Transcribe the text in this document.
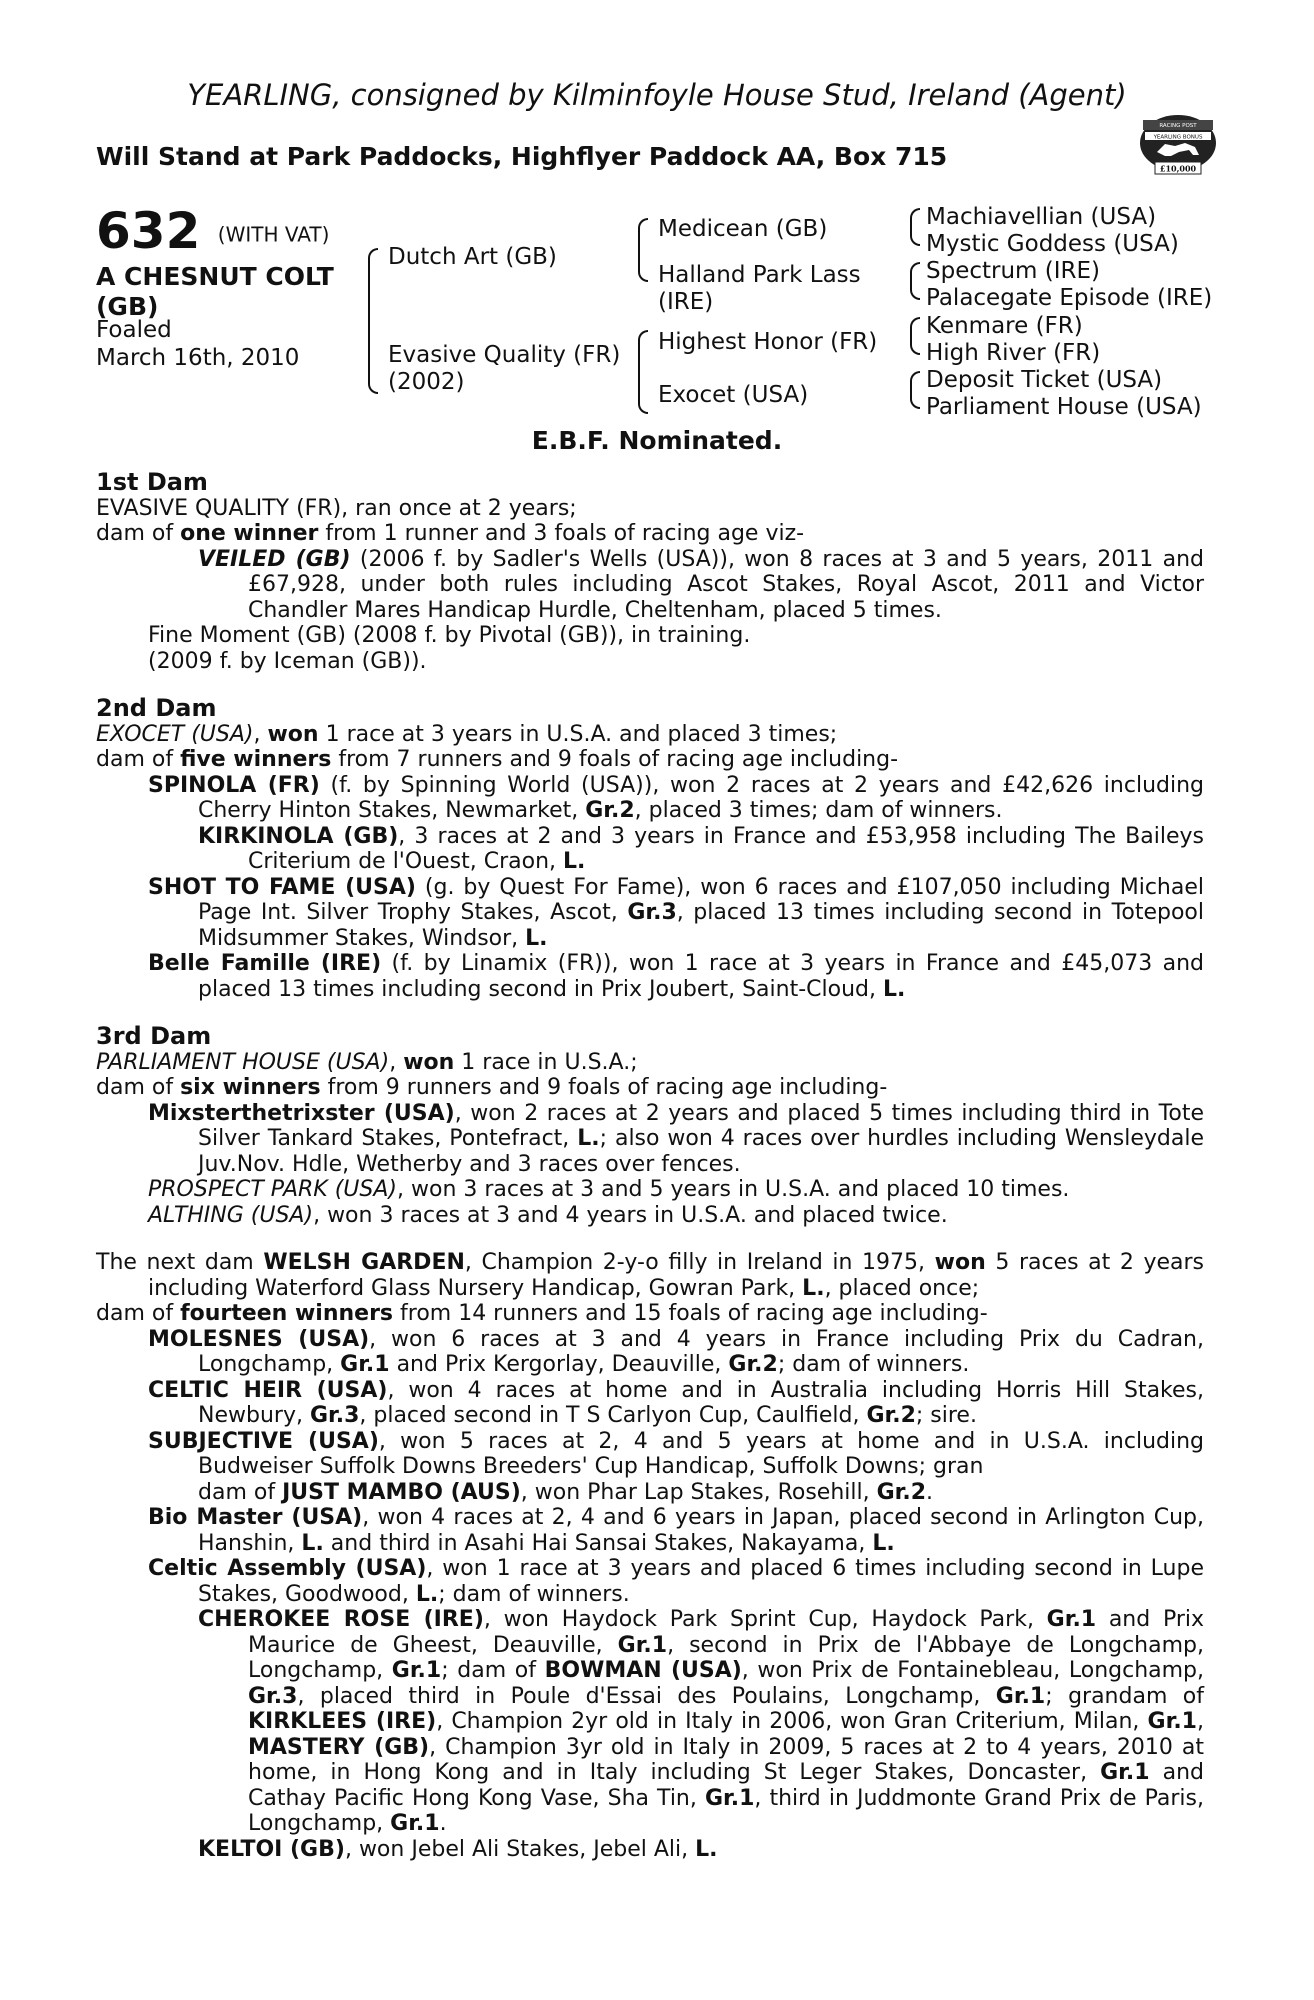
YEARLING, consigned by Kilminfoyle House Stud, Ireland (Agent)
Will Stand at Park Paddocks, Highflyer Paddock AA, Box 715
RACING POST
YEARLING BONUS
£10,000
632 (WITH VAT)
A CHESNUT COLT
(GB)
Foaled
March 16th, 2010
Dutch Art (GB)
Evasive Quality (FR)
(2002)
Medicean (GB)
Halland Park Lass
(IRE)
Highest Honor (FR)
Exocet (USA)
Machiavellian (USA)
Mystic Goddess (USA)
Spectrum (IRE)
Palacegate Episode (IRE)
Kenmare (FR)
High River (FR)
Deposit Ticket (USA)
Parliament House (USA)
E.B.F. Nominated.

1st Dam

EVASIVE QUALITY (FR), ran once at 2 years;

dam of one winner from 1 runner and 3 foals of racing age viz-

VEILED (GB) (2006 f. by Sadler's Wells (USA)), won 8 races at 3 and 5 years, 2011 and £67,928, under both rules including Ascot Stakes, Royal Ascot, 2011 and Victor Chandler Mares Handicap Hurdle, Cheltenham, placed 5 times.

Fine Moment (GB) (2008 f. by Pivotal (GB)), in training.

(2009 f. by Iceman (GB)).

2nd Dam

EXOCET (USA), won 1 race at 3 years in U.S.A. and placed 3 times;

dam of five winners from 7 runners and 9 foals of racing age including-

SPINOLA (FR) (f. by Spinning World (USA)), won 2 races at 2 years and £42,626 including Cherry Hinton Stakes, Newmarket, Gr.2, placed 3 times; dam of winners.

KIRKINOLA (GB), 3 races at 2 and 3 years in France and £53,958 including The Baileys Criterium de l'Ouest, Craon, L.

SHOT TO FAME (USA) (g. by Quest For Fame), won 6 races and £107,050 including Michael Page Int. Silver Trophy Stakes, Ascot, Gr.3, placed 13 times including second in Totepool Midsummer Stakes, Windsor, L.

Belle Famille (IRE) (f. by Linamix (FR)), won 1 race at 3 years in France and £45,073 and placed 13 times including second in Prix Joubert, Saint-Cloud, L.

3rd Dam

PARLIAMENT HOUSE (USA), won 1 race in U.S.A.;

dam of six winners from 9 runners and 9 foals of racing age including-

Mixsterthetrixster (USA), won 2 races at 2 years and placed 5 times including third in Tote Silver Tankard Stakes, Pontefract, L.; also won 4 races over hurdles including Wensleydale Juv.Nov. Hdle, Wetherby and 3 races over fences.

PROSPECT PARK (USA), won 3 races at 3 and 5 years in U.S.A. and placed 10 times.

ALTHING (USA), won 3 races at 3 and 4 years in U.S.A. and placed twice.

The next dam WELSH GARDEN, Champion 2-y-o filly in Ireland in 1975, won 5 races at 2 years including Waterford Glass Nursery Handicap, Gowran Park, L., placed once;

dam of fourteen winners from 14 runners and 15 foals of racing age including-

MOLESNES (USA), won 6 races at 3 and 4 years in France including Prix du Cadran, Longchamp, Gr.1 and Prix Kergorlay, Deauville, Gr.2; dam of winners.

CELTIC HEIR (USA), won 4 races at home and in Australia including Horris Hill Stakes, Newbury, Gr.3, placed second in T S Carlyon Cup, Caulfield, Gr.2; sire.

SUBJECTIVE (USA), won 5 races at 2, 4 and 5 years at home and in U.S.A. including Budweiser Suffolk Downs Breeders' Cup Handicap, Suffolk Downs; gran

dam of JUST MAMBO (AUS), won Phar Lap Stakes, Rosehill, Gr.2.

Bio Master (USA), won 4 races at 2, 4 and 6 years in Japan, placed second in Arlington Cup, Hanshin, L. and third in Asahi Hai Sansai Stakes, Nakayama, L.

Celtic Assembly (USA), won 1 race at 3 years and placed 6 times including second in Lupe Stakes, Goodwood, L.; dam of winners.

CHEROKEE ROSE (IRE), won Haydock Park Sprint Cup, Haydock Park, Gr.1 and Prix Maurice de Gheest, Deauville, Gr.1, second in Prix de l'Abbaye de Longchamp, Longchamp, Gr.1; dam of BOWMAN (USA), won Prix de Fontainebleau, Longchamp, Gr.3, placed third in Poule d'Essai des Poulains, Longchamp, Gr.1; grandam of KIRKLEES (IRE), Champion 2yr old in Italy in 2006, won Gran Criterium, Milan, Gr.1, MASTERY (GB), Champion 3yr old in Italy in 2009, 5 races at 2 to 4 years, 2010 at home, in Hong Kong and in Italy including St Leger Stakes, Doncaster, Gr.1 and Cathay Pacific Hong Kong Vase, Sha Tin, Gr.1, third in Juddmonte Grand Prix de Paris, Longchamp, Gr.1.

KELTOI (GB), won Jebel Ali Stakes, Jebel Ali, L.
